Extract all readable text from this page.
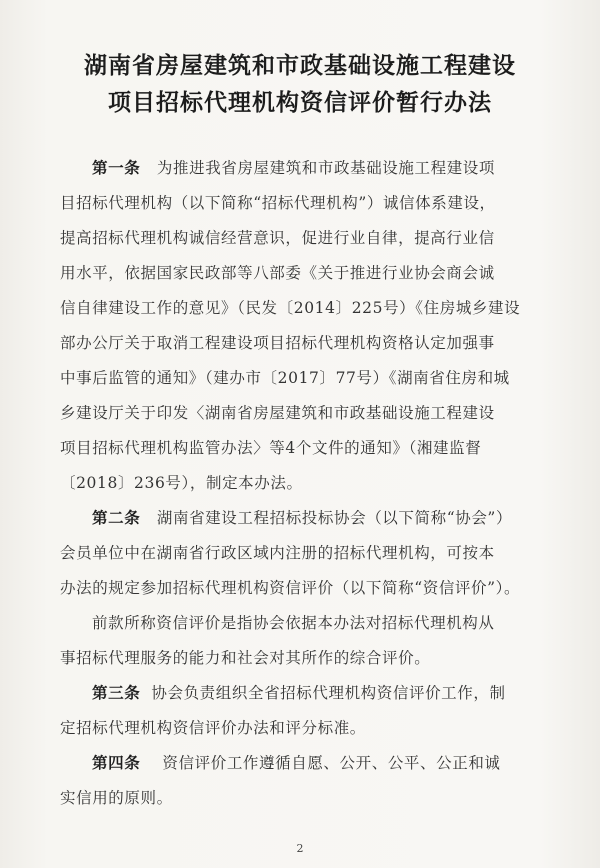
湖南省房屋建筑和市政基础设施工程建设
项目招标代理机构资信评价暂行办法
第一条 为推进我省房屋建筑和市政基础设施工程建设项
目招标代理机构（以下简称“招标代理机构”）诚信体系建设，
提高招标代理机构诚信经营意识，促进行业自律，提高行业信
用水平，依据国家民政部等八部委《关于推进行业协会商会诚
信自律建设工作的意见》（民发〔2014〕225号）《住房城乡建设
部办公厅关于取消工程建设项目招标代理机构资格认定加强事
中事后监管的通知》（建办市〔2017〕77号）《湖南省住房和城
乡建设厅关于印发〈湖南省房屋建筑和市政基础设施工程建设
项目招标代理机构监管办法〉等4个文件的通知》（湘建监督
〔2018〕236号），制定本办法。
第二条 湖南省建设工程招标投标协会（以下简称“协会”）
会员单位中在湖南省行政区域内注册的招标代理机构，可按本
办法的规定参加招标代理机构资信评价（以下简称“资信评价”）。
前款所称资信评价是指协会依据本办法对招标代理机构从
事招标代理服务的能力和社会对其所作的综合评价。
第三条 协会负责组织全省招标代理机构资信评价工作，制
定招标代理机构资信评价办法和评分标准。
第四条 资信评价工作遵循自愿、公开、公平、公正和诚
实信用的原则。
2
